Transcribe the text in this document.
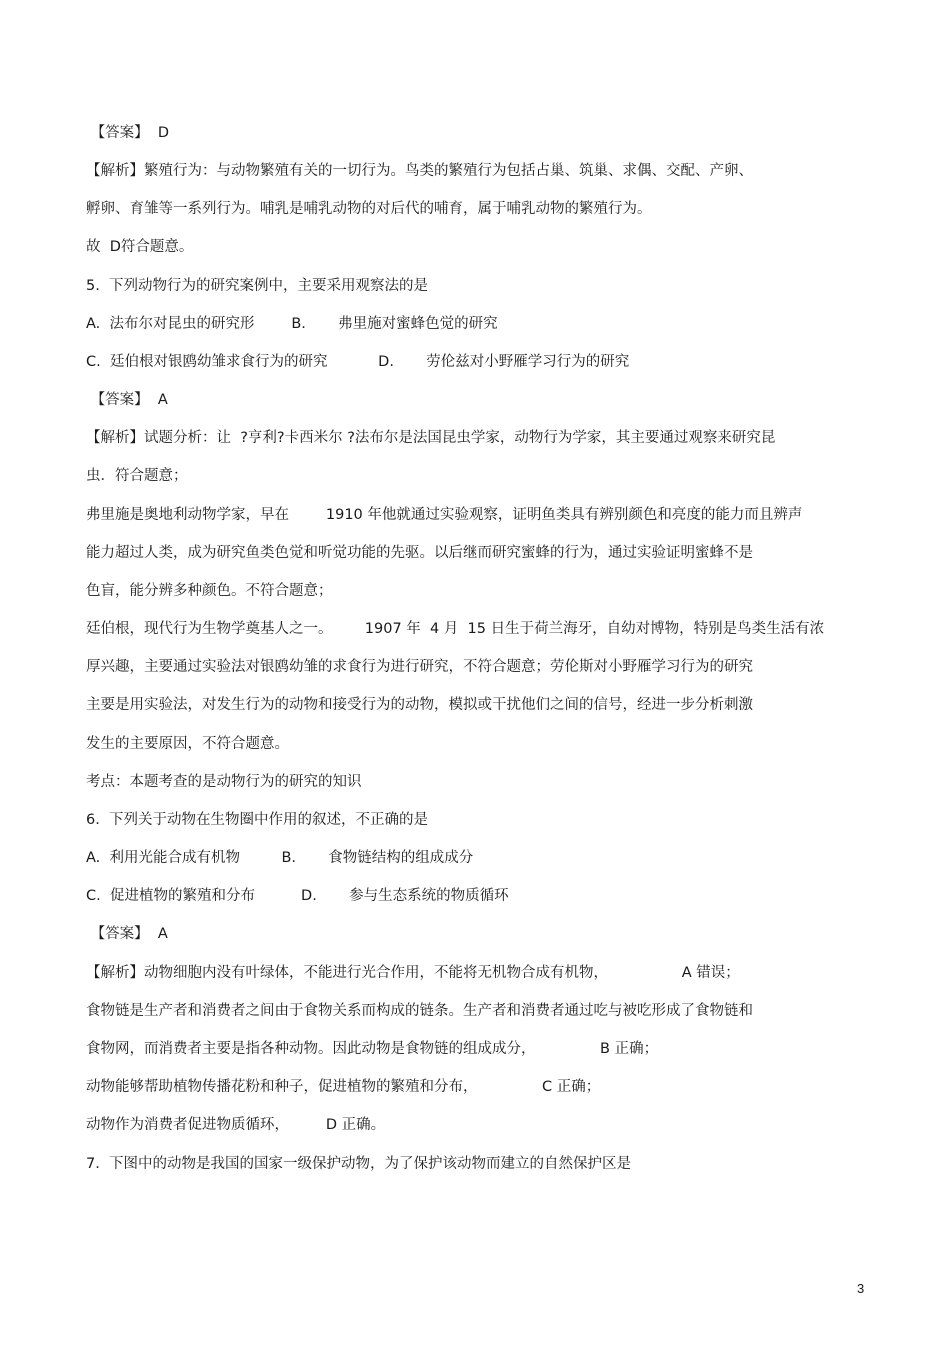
【答案】  D
【解析】繁殖行为：与动物繁殖有关的一切行为。鸟类的繁殖行为包括占巢、筑巢、求偶、交配、产卵、
孵卵、育雏等一系列行为。哺乳是哺乳动物的对后代的哺育，属于哺乳动物的繁殖行为。
故  D符合题意。
5.  下列动物行为的研究案例中，主要采用观察法的是
A.  法布尔对昆虫的研究形        B.       弗里施对蜜蜂色觉的研究
C.  廷伯根对银鸥幼雏求食行为的研究           D.       劳伦兹对小野雁学习行为的研究
【答案】  A
【解析】试题分析：让  ?亨利?卡西米尔 ?法布尔是法国昆虫学家，动物行为学家，其主要通过观察来研究昆
虫．符合题意；
弗里施是奥地利动物学家，早在        1910 年他就通过实验观察，证明鱼类具有辨别颜色和亮度的能力而且辨声
能力超过人类，成为研究鱼类色觉和听觉功能的先驱。以后继而研究蜜蜂的行为，通过实验证明蜜蜂不是
色盲，能分辨多种颜色。不符合题意；
廷伯根，现代行为生物学奠基人之一。       1907 年  4 月  15 日生于荷兰海牙，自幼对博物，特别是鸟类生活有浓
厚兴趣，主要通过实验法对银鸥幼雏的求食行为进行研究，不符合题意；劳伦斯对小野雁学习行为的研究
主要是用实验法，对发生行为的动物和接受行为的动物，模拟或干扰他们之间的信号，经进一步分析刺激
发生的主要原因，不符合题意。
考点：本题考查的是动物行为的研究的知识
6.  下列关于动物在生物圈中作用的叙述，不正确的是
A.  利用光能合成有机物         B.       食物链结构的组成成分
C.  促进植物的繁殖和分布          D.       参与生态系统的物质循环
【答案】  A
【解析】动物细胞内没有叶绿体，不能进行光合作用，不能将无机物合成有机物，                A 错误；
食物链是生产者和消费者之间由于食物关系而构成的链条。生产者和消费者通过吃与被吃形成了食物链和
食物网，而消费者主要是指各种动物。因此动物是食物链的组成成分，              B 正确；
动物能够帮助植物传播花粉和种子，促进植物的繁殖和分布，              C 正确；
动物作为消费者促进物质循环，        D 正确。
7.  下图中的动物是我国的国家一级保护动物，为了保护该动物而建立的自然保护区是
3
